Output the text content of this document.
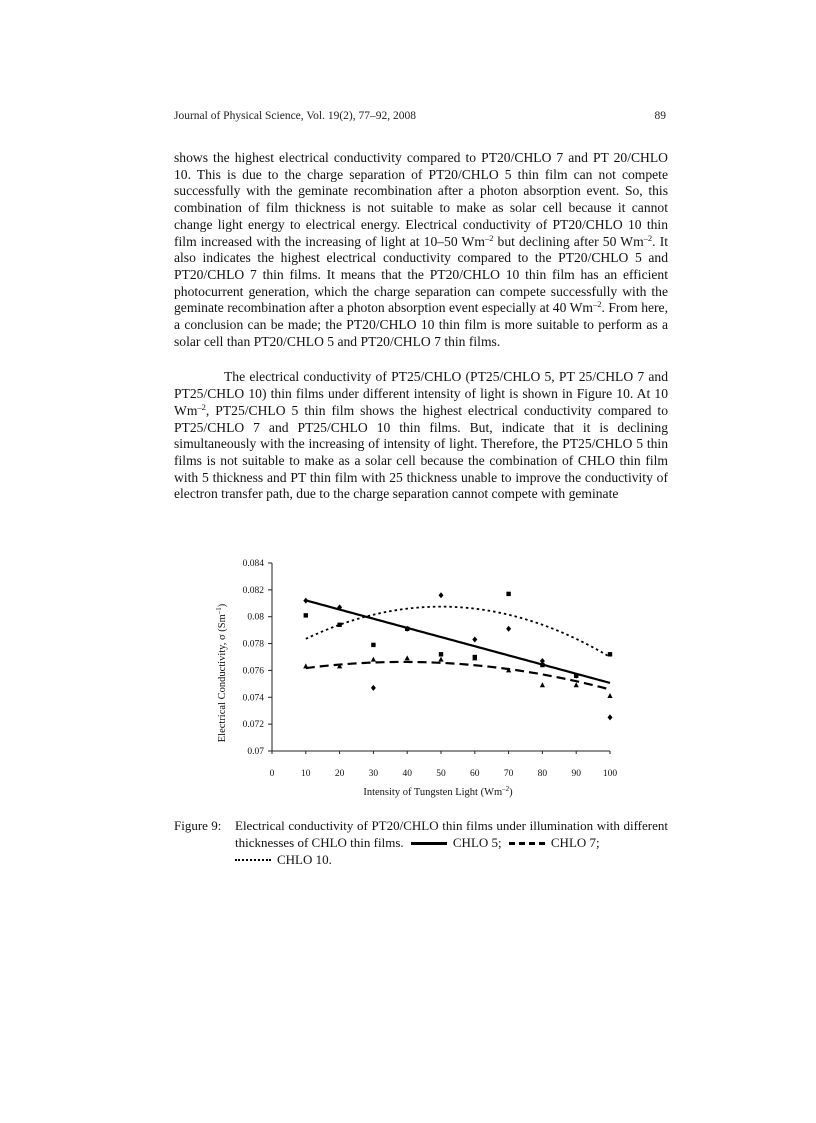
Journal of Physical Science, Vol. 19(2), 77–92, 2008	89

shows the highest electrical conductivity compared to PT20/CHLO 7 and PT 20/CHLO 10. This is due to the charge separation of PT20/CHLO 5 thin film can not compete successfully with the geminate recombination after a photon absorption event. So, this combination of film thickness is not suitable to make as solar cell because it cannot change light energy to electrical energy. Electrical conductivity of PT20/CHLO 10 thin film increased with the increasing of light at 10–50 $Wm^{-2}$ but declining after 50 $Wm^{-2}$. It also indicates the highest electrical conductivity compared to the PT20/CHLO 5 and PT20/CHLO 7 thin films. It means that the PT20/CHLO 10 thin film has an efficient photocurrent generation, which the charge separation can compete successfully with the geminate recombination after a photon absorption event especially at 40 $Wm^{-2}$. From here, a conclusion can be made; the PT20/CHLO 10 thin film is more suitable to perform as a solar cell than PT20/CHLO 5 and PT20/CHLO 7 thin films.

The electrical conductivity of PT25/CHLO (PT25/CHLO 5, PT 25/CHLO 7 and PT25/CHLO 10) thin films under different intensity of light is shown in Figure 10. At 10 $Wm^{-2}$, PT25/CHLO 5 thin film shows the highest electrical conductivity compared to PT25/CHLO 7 and PT25/CHLO 10 thin films. But, indicate that it is declining simultaneously with the increasing of intensity of light. Therefore, the PT25/CHLO 5 thin films is not suitable to make as a solar cell because the combination of CHLO thin film with 5 thickness and PT thin film with 25 thickness unable to improve the conductivity of electron transfer path, due to the charge separation cannot compete with geminate

0.07
0.072
0.074
0.076
0.078
0.08
0.082
0.084
0	10	20	30	40	50	60	70	80	90 100
Electrical Conductivity, σ $(Sm^{-1})$
Intensity of Tungsten Light $(Wm^{-2})$
Figure 9: Electrical conductivity of PT20/CHLO thin films under illumination with different thicknesses of CHLO thin films.	CHLO 5;	CHLO 7;
CHLO 10.
